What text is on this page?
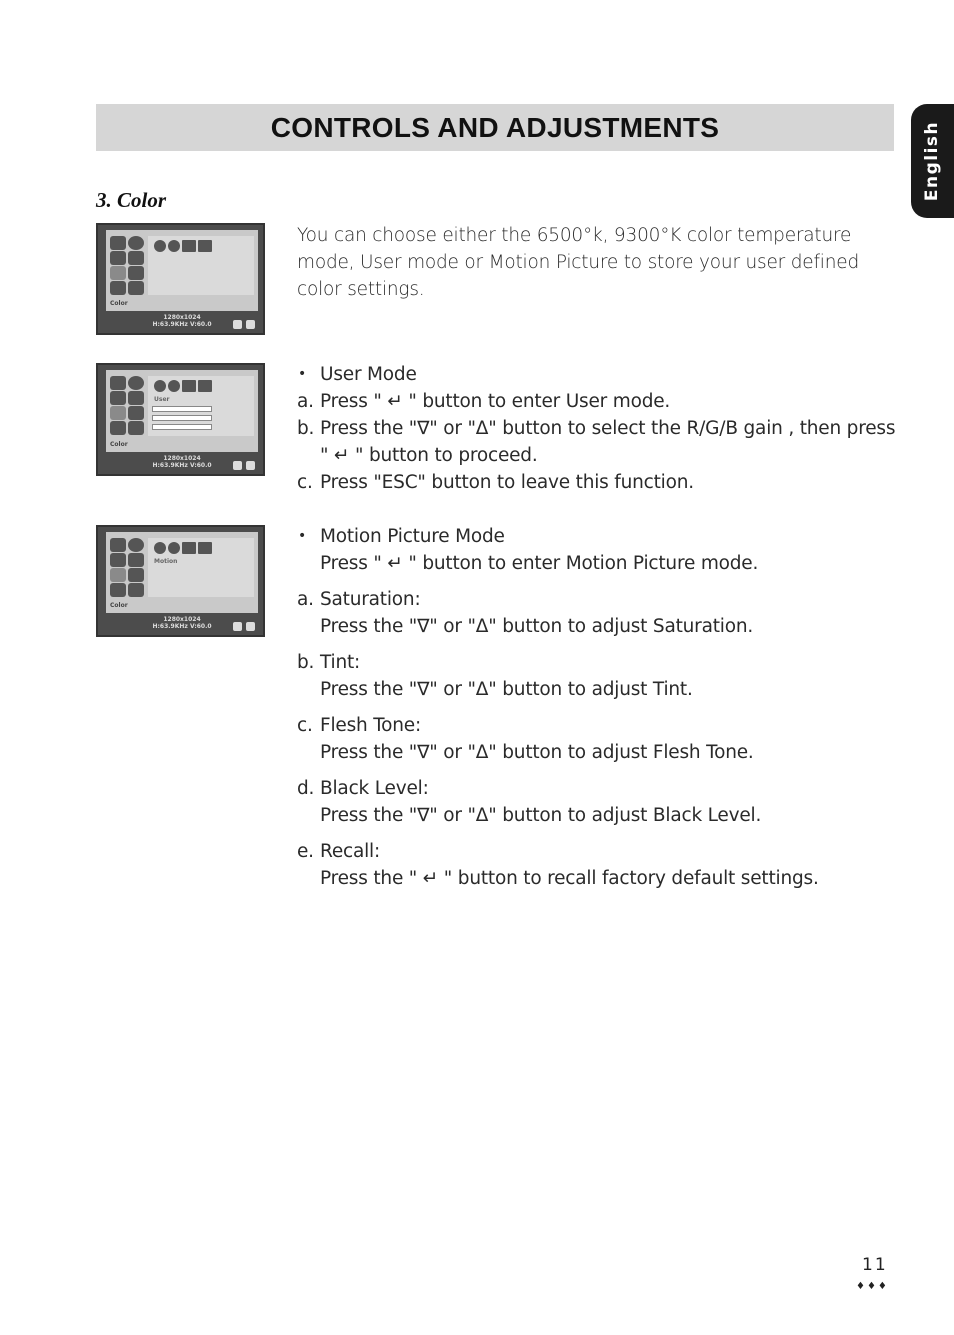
CONTROLS AND ADJUSTMENTS	English
3. Color
Color
1280x1024
H:63.9KHz V:60.0

You can choose either the 6500°k, 9300°K color temperature mode, User mode or Motion Picture to store your user defined color settings.

User
Color
1280x1024
H:63.9KHz V:60.0
• User Mode
a. Press " ↵ " button to enter User mode.
b. Press the "∇" or "Δ" button to select the R/G/B gain , then press " ↵ " button to proceed.
c. Press "ESC" button to leave this function.
Motion
Color
1280x1024
H:63.9KHz V:60.0
• Motion Picture Mode
Press " ↵ " button to enter Motion Picture mode.
a. Saturation:
Press the "∇" or "Δ" button to adjust Saturation.
b. Tint:
Press the "∇" or "Δ" button to adjust Tint.
c. Flesh Tone:
Press the "∇" or "Δ" button to adjust Flesh Tone.
d. Black Level:
Press the "∇" or "Δ" button to adjust Black Level.
e. Recall:
Press the " ↵ " button to recall factory default settings.
11
♦♦♦
